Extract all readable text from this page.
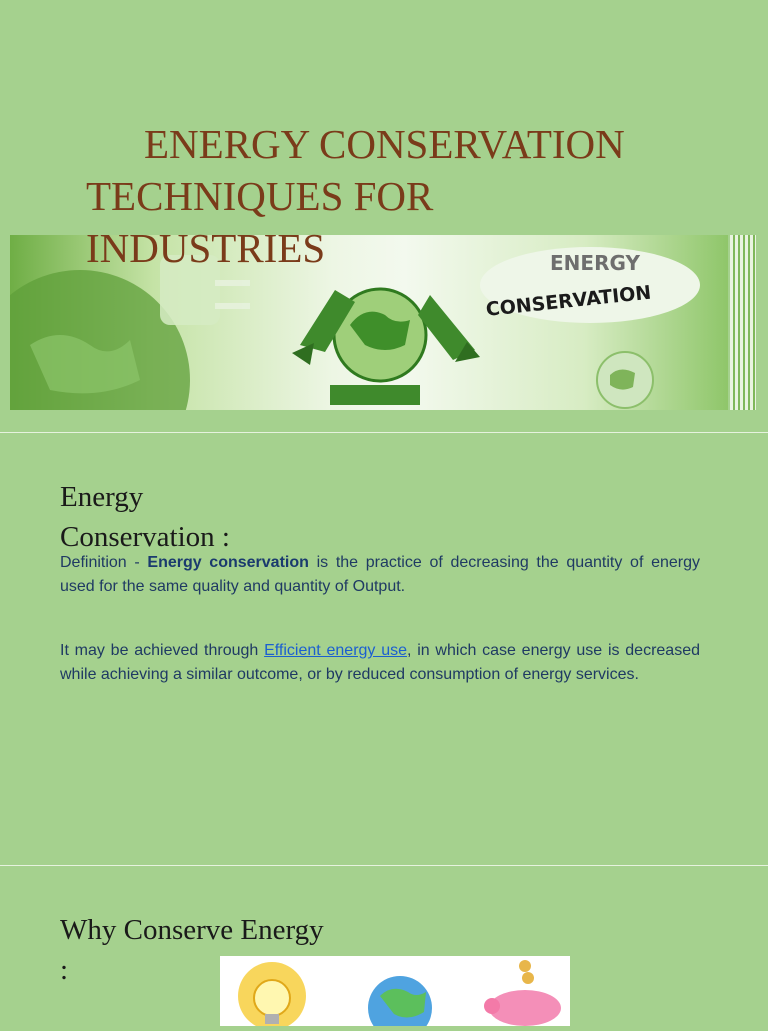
ENERGY CONSERVATION
TECHNIQUES FOR
INDUSTRIES	ENERGY
CONSERVATION
Energy
Conservation :

Definition - Energy conservation is the practice of decreasing the quantity of energy used for the same quality and quantity of Output.

It may be achieved through Efficient energy use, in which case energy use is decreased while achieving a similar outcome, or by reduced consumption of energy services.

Why Conserve Energy
:
